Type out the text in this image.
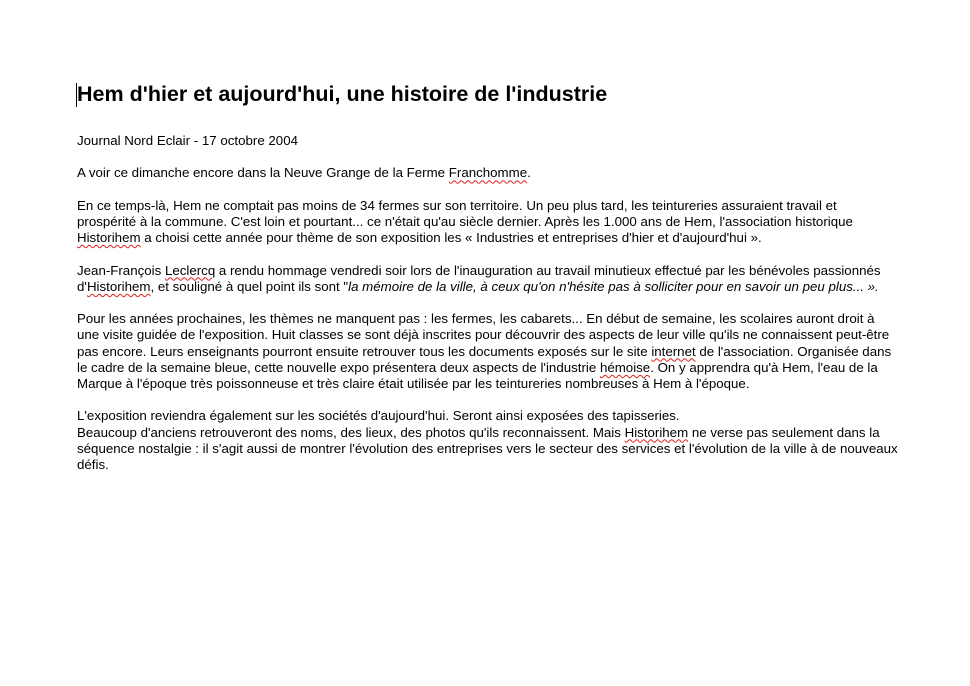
Hem d'hier et aujourd'hui, une histoire de l'industrie
Journal Nord Eclair - 17 octobre 2004
A voir ce dimanche encore dans la Neuve Grange de la Ferme Franchomme.
En ce temps-là, Hem ne comptait pas moins de 34 fermes sur son territoire. Un peu plus tard, les teintureries assuraient travail et prospérité à la commune. C'est loin et pourtant... ce n'était qu'au siècle dernier. Après les 1.000 ans de Hem, l'association historique Historihem a choisi cette année pour thème de son exposition les « Industries et entreprises d'hier et d'aujourd'hui ».
Jean-François Leclercq a rendu hommage vendredi soir lors de l'inauguration au travail minutieux effectué par les bénévoles passionnés d'Historihem, et souligné à quel point ils sont "la mémoire de la ville, à ceux qu'on n'hésite pas à solliciter pour en savoir un peu plus... ».
Pour les années prochaines, les thèmes ne manquent pas : les fermes, les cabarets... En début de semaine, les scolaires auront droit à une visite guidée de l'exposition. Huit classes se sont déjà inscrites pour découvrir des aspects de leur ville qu'ils ne connaissent peut-être pas encore. Leurs enseignants pourront ensuite retrouver tous les documents exposés sur le site internet de l'association. Organisée dans le cadre de la semaine bleue, cette nouvelle expo présentera deux aspects de l'industrie hémoise. On y apprendra qu'à Hem, l'eau de la Marque à l'époque très poissonneuse et très claire était utilisée par les teintureries nombreuses à Hem à l'époque.
L'exposition reviendra également sur les sociétés d'aujourd'hui. Seront ainsi exposées des tapisseries.
Beaucoup d'anciens retrouveront des noms, des lieux, des photos qu'ils reconnaissent. Mais Historihem ne verse pas seulement dans la séquence nostalgie : il s'agit aussi de montrer l'évolution des entreprises vers le secteur des services et l'évolution de la ville à de nouveaux défis.
